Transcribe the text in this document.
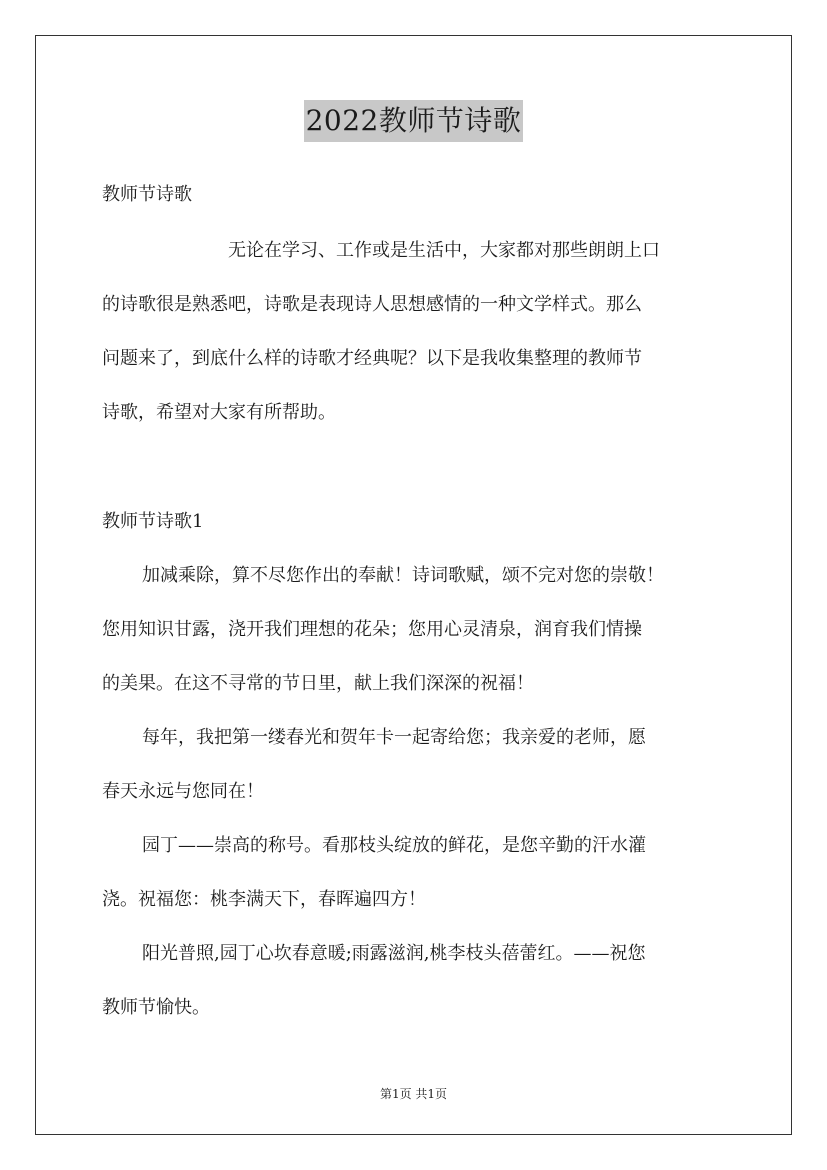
2022教师节诗歌
教师节诗歌
无论在学习、工作或是生活中，大家都对那些朗朗上口
的诗歌很是熟悉吧，诗歌是表现诗人思想感情的一种文学样式。那么
问题来了，到底什么样的诗歌才经典呢？以下是我收集整理的教师节
诗歌，希望对大家有所帮助。
教师节诗歌1
加减乘除，算不尽您作出的奉献！诗词歌赋，颂不完对您的崇敬！
您用知识甘露，浇开我们理想的花朵；您用心灵清泉，润育我们情操
的美果。在这不寻常的节日里，献上我们深深的祝福！
每年，我把第一缕春光和贺年卡一起寄给您；我亲爱的老师，愿
春天永远与您同在！
园丁——崇高的称号。看那枝头绽放的鲜花，是您辛勤的汗水灌
浇。祝福您：桃李满天下，春晖遍四方！
阳光普照,园丁心坎春意暖;雨露滋润,桃李枝头蓓蕾红。——祝您
教师节愉快。
第1页 共1页
